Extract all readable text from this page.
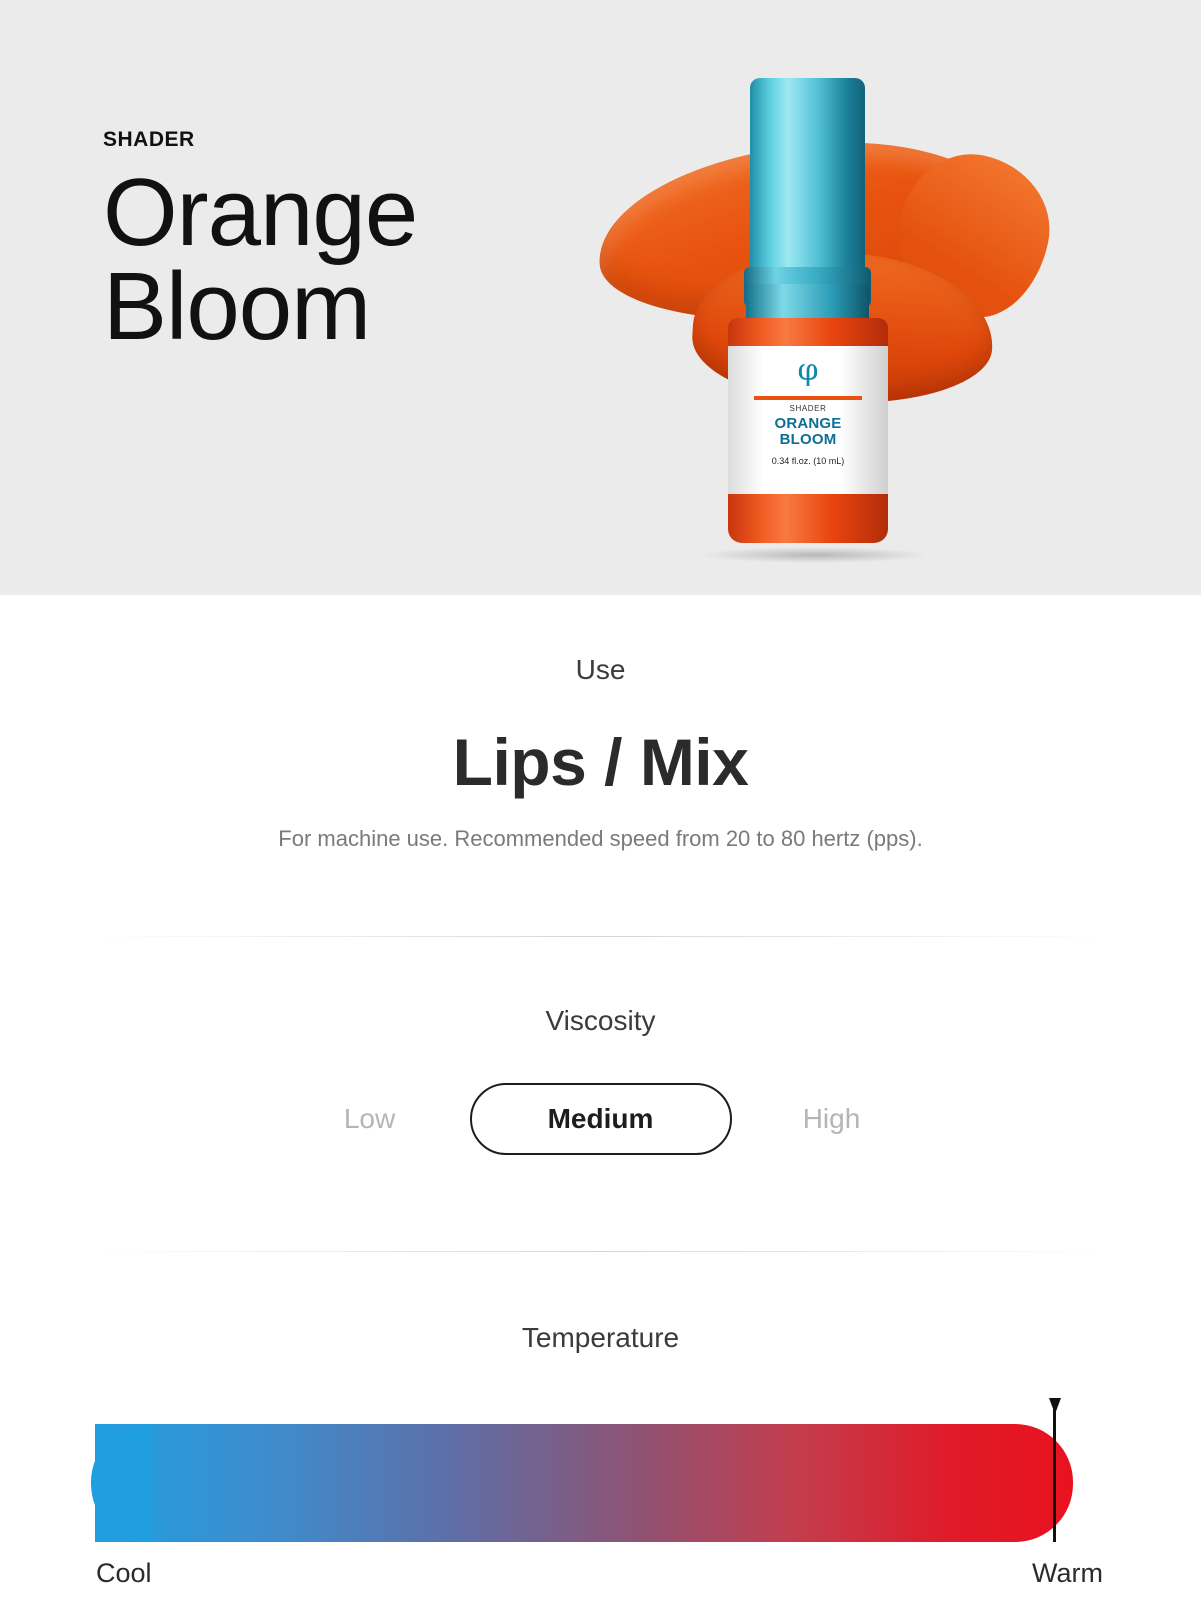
SHADER
Orange
Bloom
φ
SHADER
ORANGE
BLOOM
0.34 fl.oz. (10 mL)
Use
Lips / Mix
For machine use. Recommended speed from 20 to 80 hertz (pps).
Viscosity
Low	Medium	High
Temperature
Cool	Warm
